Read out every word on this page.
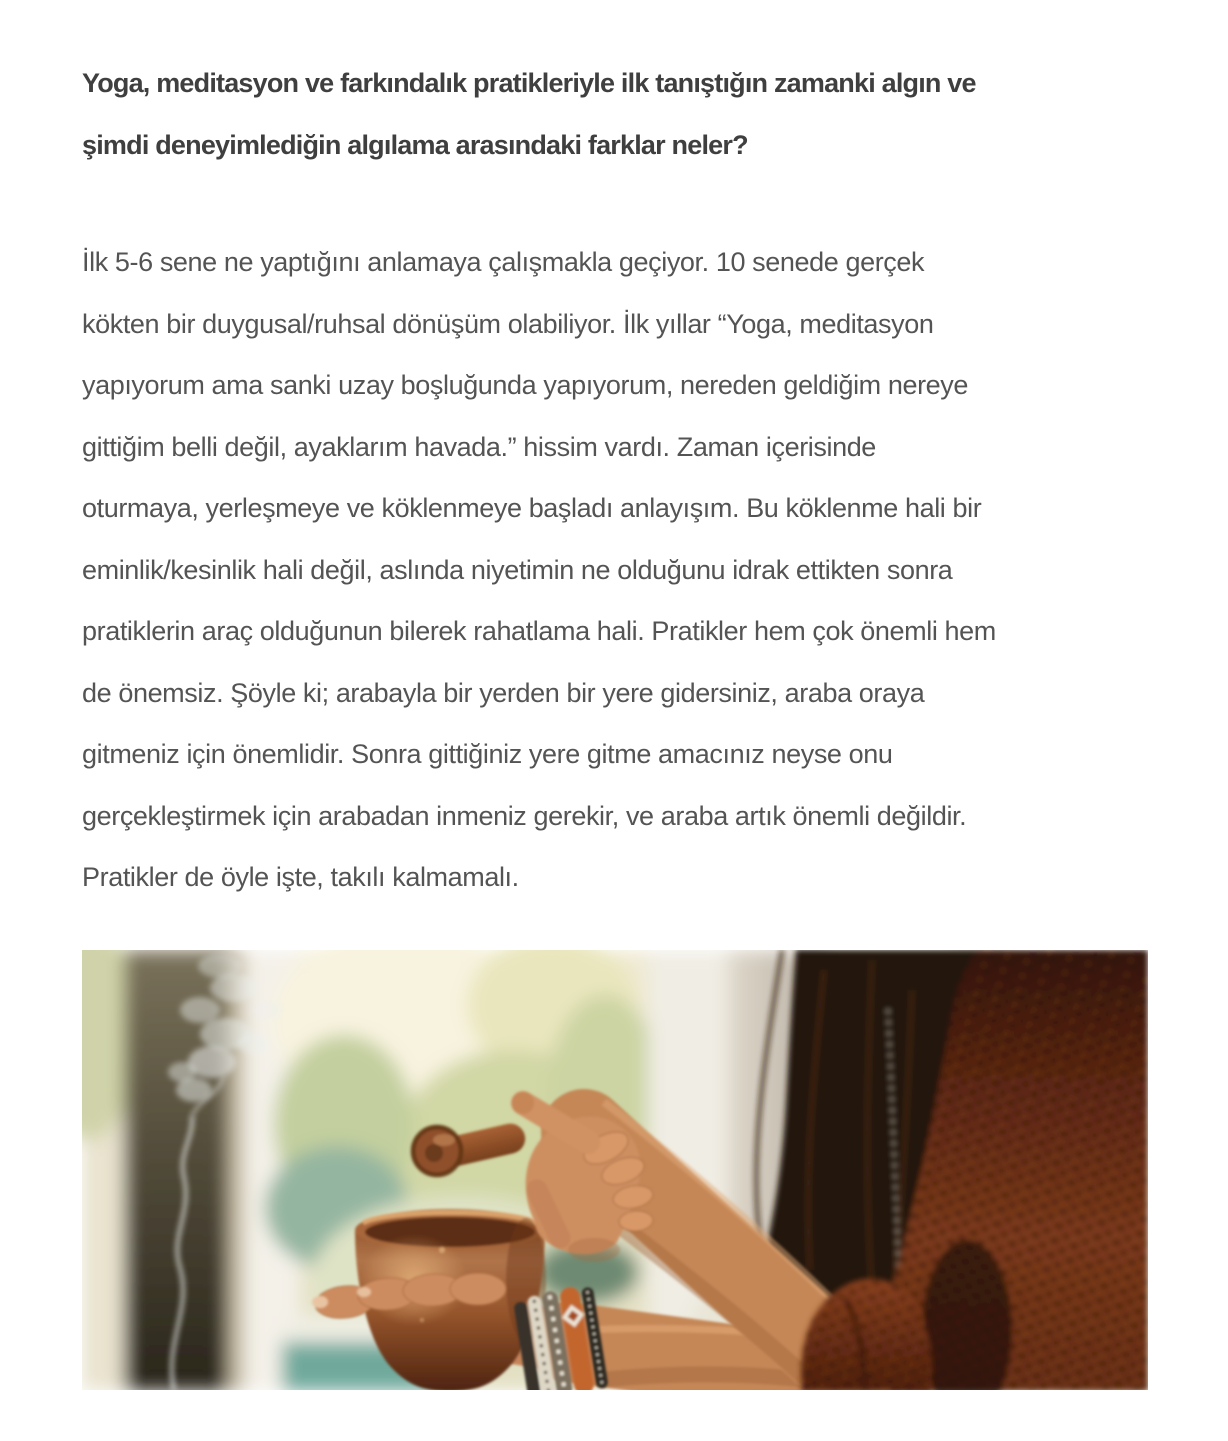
Yoga, meditasyon ve farkındalık pratikleriyle ilk tanıştığın zamanki algın ve
şimdi deneyimlediğin algılama arasındaki farklar neler?

İlk 5-6 sene ne yaptığını anlamaya çalışmakla geçiyor. 10 senede gerçek
kökten bir duygusal/ruhsal dönüşüm olabiliyor. İlk yıllar “Yoga, meditasyon
yapıyorum ama sanki uzay boşluğunda yapıyorum, nereden geldiğim nereye
gittiğim belli değil, ayaklarım havada.” hissim vardı. Zaman içerisinde
oturmaya, yerleşmeye ve köklenmeye başladı anlayışım. Bu köklenme hali bir
eminlik/kesinlik hali değil, aslında niyetimin ne olduğunu idrak ettikten sonra
pratiklerin araç olduğunun bilerek rahatlama hali. Pratikler hem çok önemli hem
de önemsiz. Şöyle ki; arabayla bir yerden bir yere gidersiniz, araba oraya
gitmeniz için önemlidir. Sonra gittiğiniz yere gitme amacınız neyse onu
gerçekleştirmek için arabadan inmeniz gerekir, ve araba artık önemli değildir.
Pratikler de öyle işte, takılı kalmamalı.
